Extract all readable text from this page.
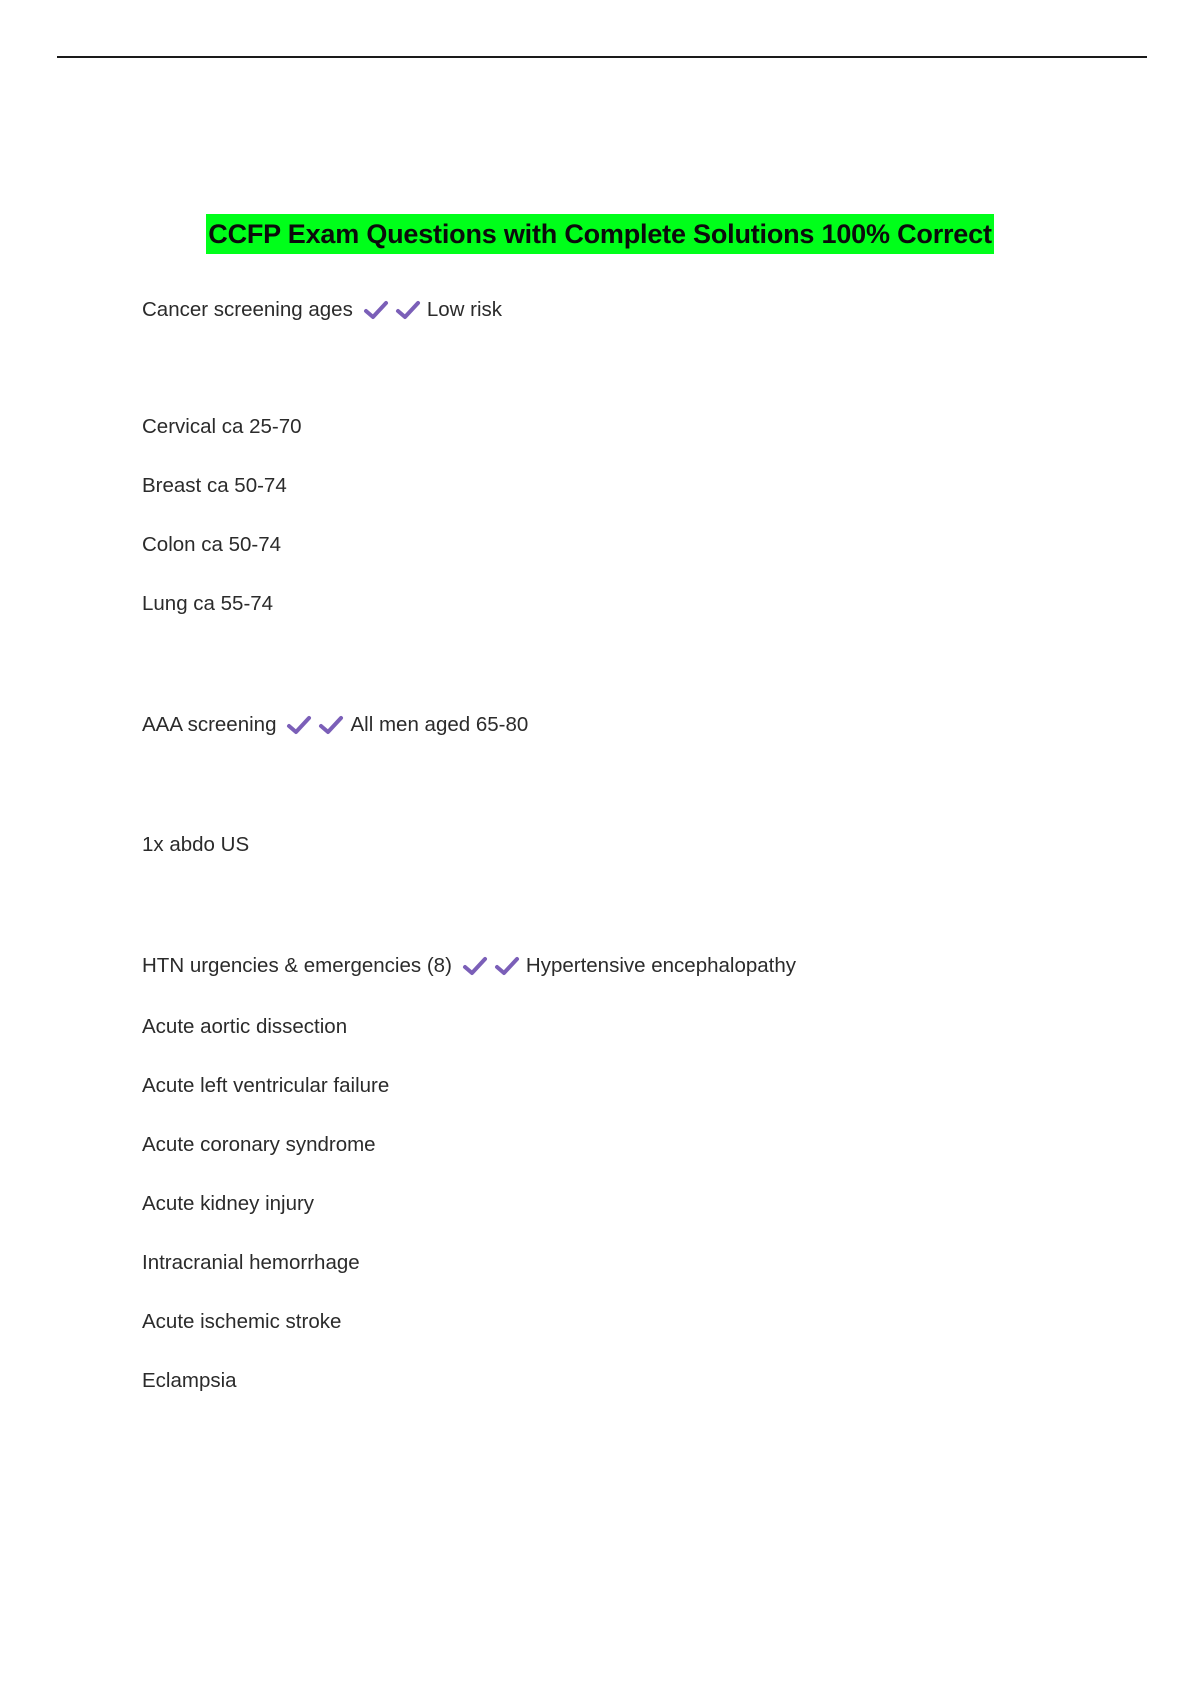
CCFP Exam Questions with Complete Solutions 100% Correct
Cancer screening ages	Low risk
Cervical ca 25-70
Breast ca 50-74
Colon ca 50-74
Lung ca 55-74
AAA screening	All men aged 65-80
1x abdo US
HTN urgencies & emergencies (8)	Hypertensive encephalopathy
Acute aortic dissection
Acute left ventricular failure
Acute coronary syndrome
Acute kidney injury
Intracranial hemorrhage
Acute ischemic stroke
Eclampsia
